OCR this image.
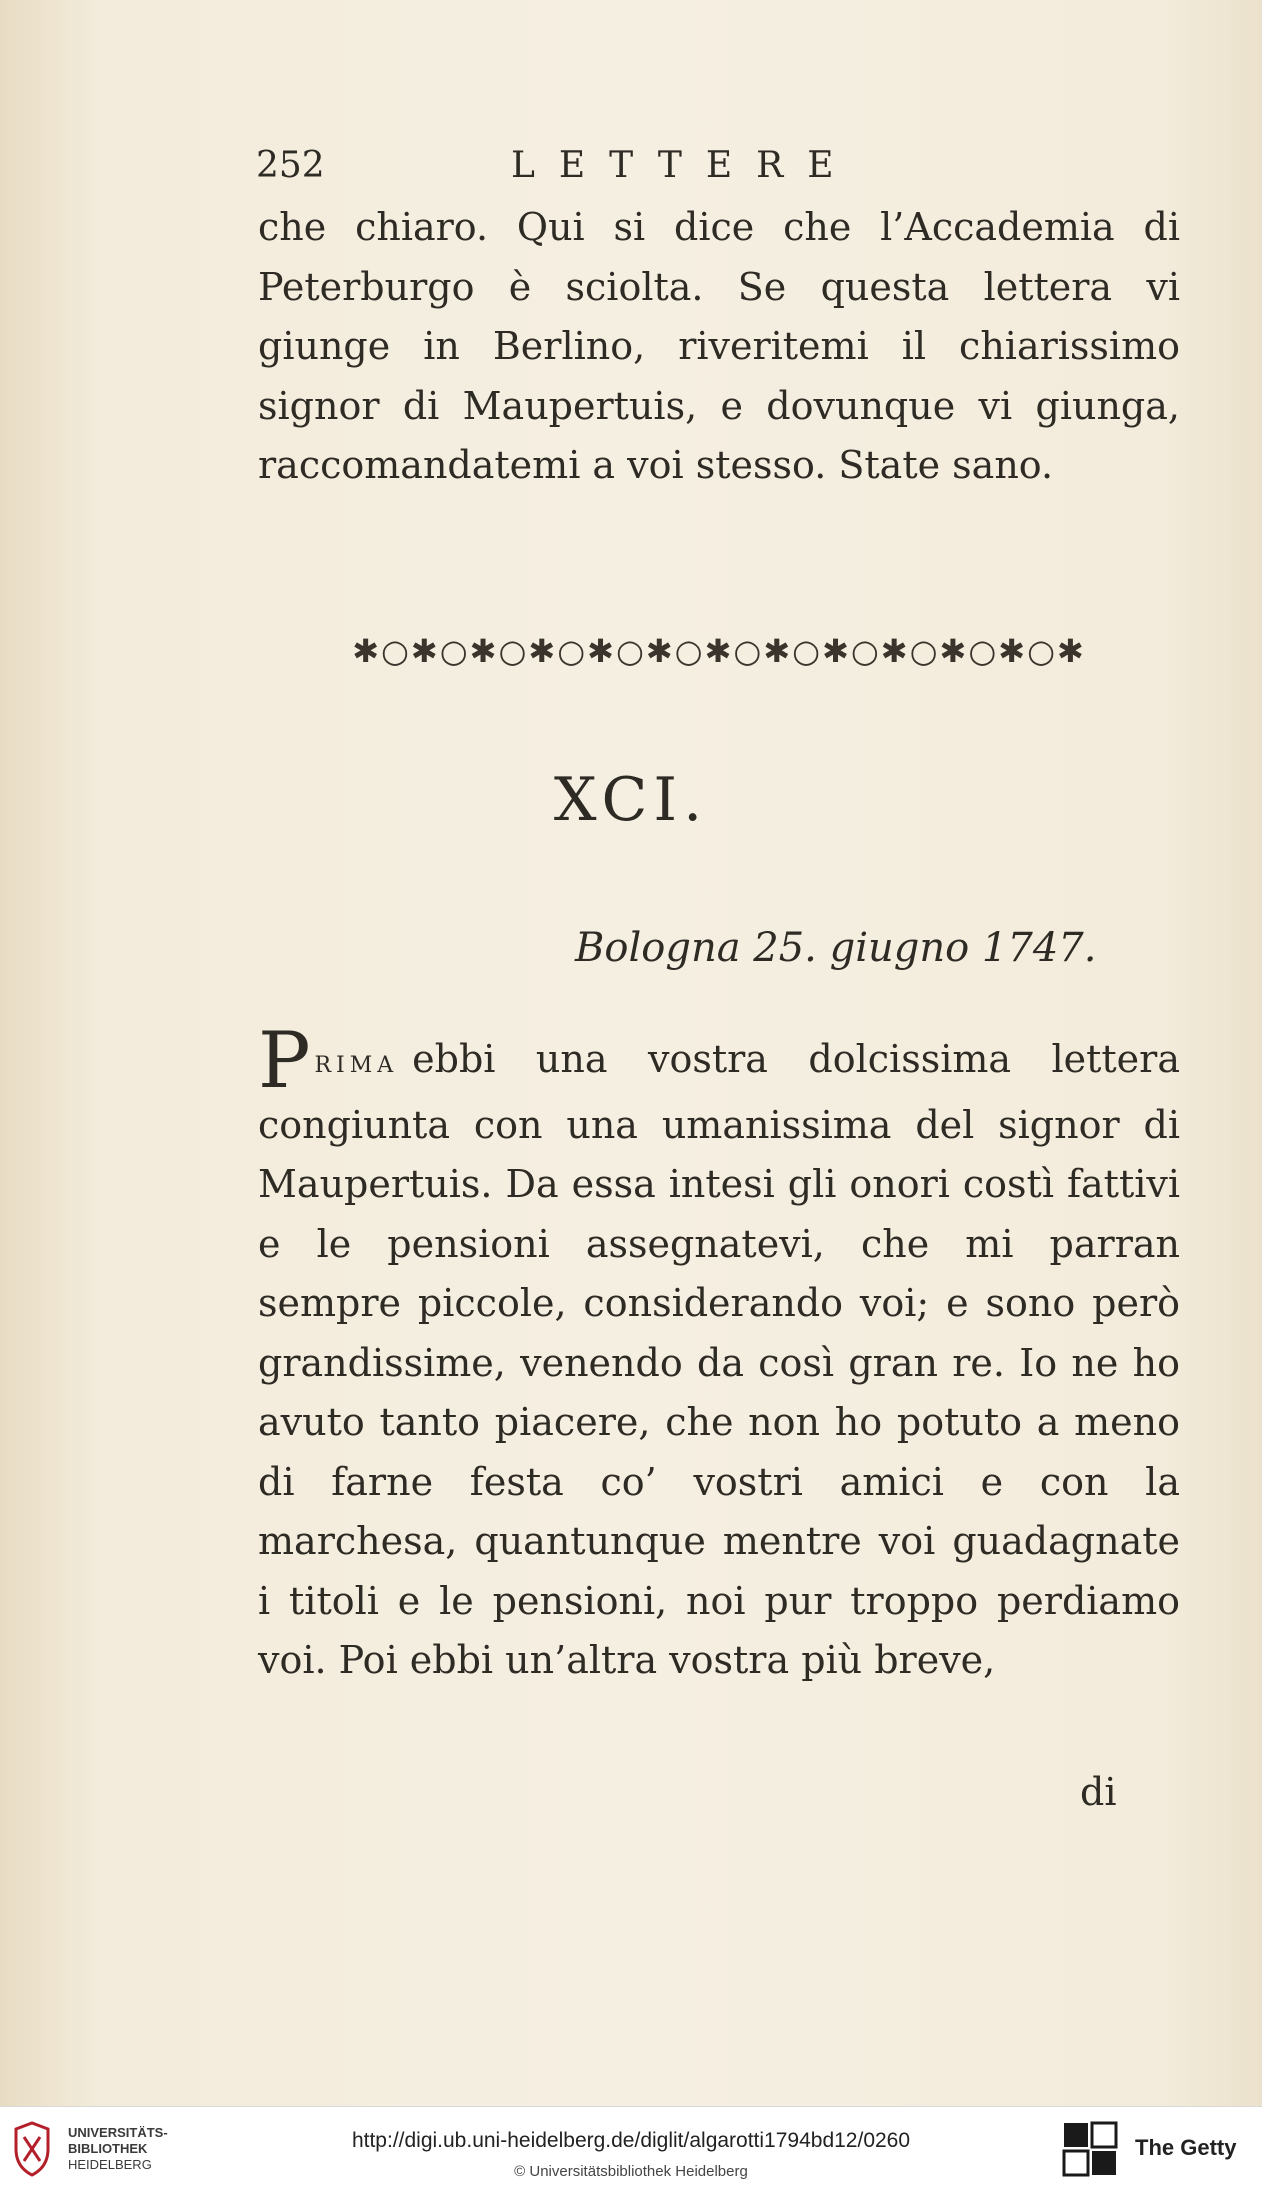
252	LETTERE

che chiaro. Qui si dice che l’Accademia di Peterburgo è sciolta. Se questa lettera vi giunge in Berlino, riveritemi il chiarissimo signor di Maupertuis, e dovunque vi giunga, raccomandatemi a voi stesso. State sano.

✱○✱○✱○✱○✱○✱○✱○✱○✱○✱○✱○✱○✱
XCI.
Bologna 25. giugno 1747.

PRIMA ebbi una vostra dolcissima lettera congiunta con una umanissima del signor di Maupertuis. Da essa intesi gli onori costì fattivi e le pensioni assegnatevi, che mi parran sempre piccole, considerando voi; e sono però grandissime, venendo da così gran re. Io ne ho avuto tanto piacere, che non ho potuto a meno di farne festa co’ vostri amici e con la marchesa, quantunque mentre voi guadagnate i titoli e le pensioni, noi pur troppo perdiamo voi. Poi ebbi un’altra vostra più breve,

di
UNIVERSITÄTS-
BIBLIOTHEK
HEIDELBERG
http://digi.ub.uni-heidelberg.de/diglit/algarotti1794bd12/0260
© Universitätsbibliothek Heidelberg
The Getty
